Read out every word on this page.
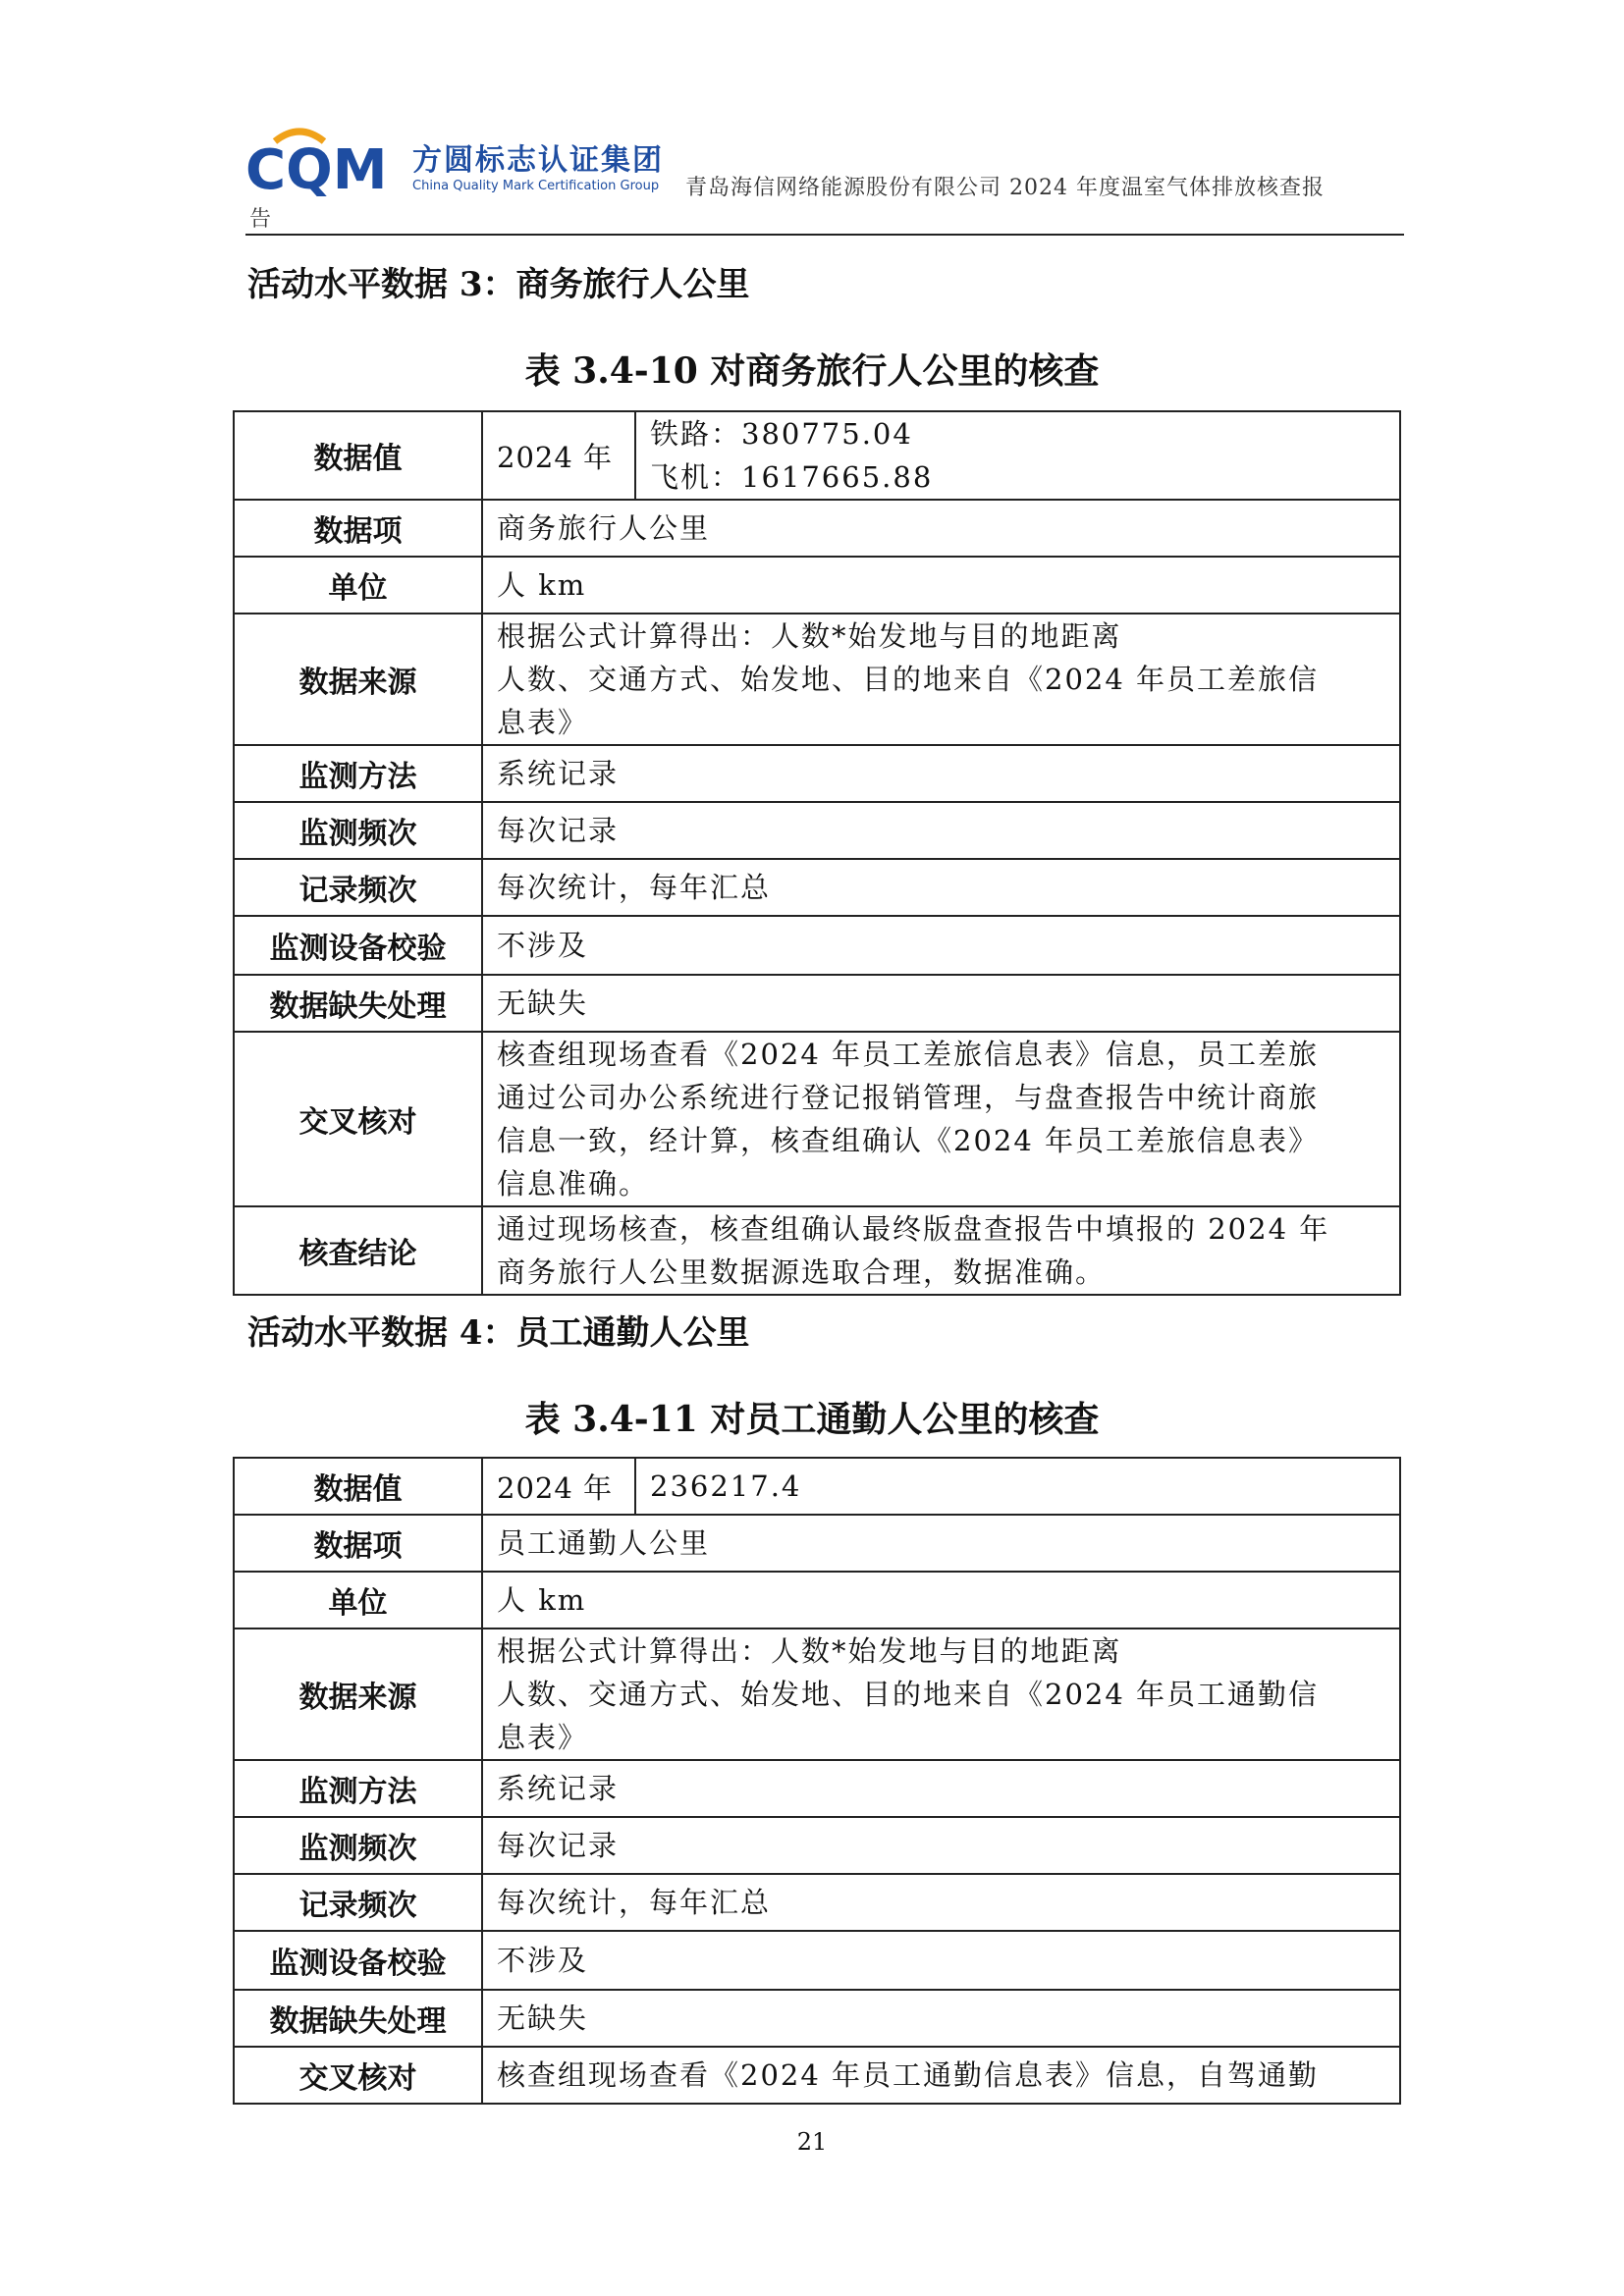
CQM 方圆标志认证集团
China Quality Mark Certification Group 青岛海信网络能源股份有限公司 2024 年度温室气体排放核查报
告
活动水平数据 3：商务旅行人公里
表 3.4-10 对商务旅行人公里的核查
数据值	2024 年	铁路：380775.04
飞机：1617665.88

数据项	商务旅行人公里	
单位	人 km	
数据来源	根据公式计算得出：人数*始发地与目的地距离
人数、交通方式、始发地、目的地来自《2024 年员工差旅信
息表》	

监测方法	系统记录	
监测频次	每次记录	
记录频次	每次统计，每年汇总	
监测设备校验	不涉及	
数据缺失处理	无缺失	
交叉核对	核查组现场查看《2024 年员工差旅信息表》信息，员工差旅
通过公司办公系统进行登记报销管理，与盘查报告中统计商旅
信息一致，经计算，核查组确认《2024 年员工差旅信息表》
信息准确。	

核查结论	通过现场核查，核查组确认最终版盘查报告中填报的 2024 年
商务旅行人公里数据源选取合理，数据准确。	
活动水平数据 4：员工通勤人公里
表 3.4-11 对员工通勤人公里的核查
数据值	2024 年	236217.4
数据项	员工通勤人公里	
单位	人 km	
数据来源	根据公式计算得出：人数*始发地与目的地距离
人数、交通方式、始发地、目的地来自《2024 年员工通勤信
息表》	

监测方法	系统记录	
监测频次	每次记录	
记录频次	每次统计，每年汇总	
监测设备校验	不涉及	
数据缺失处理	无缺失	
交叉核对	核查组现场查看《2024 年员工通勤信息表》信息，自驾通勤	
21
